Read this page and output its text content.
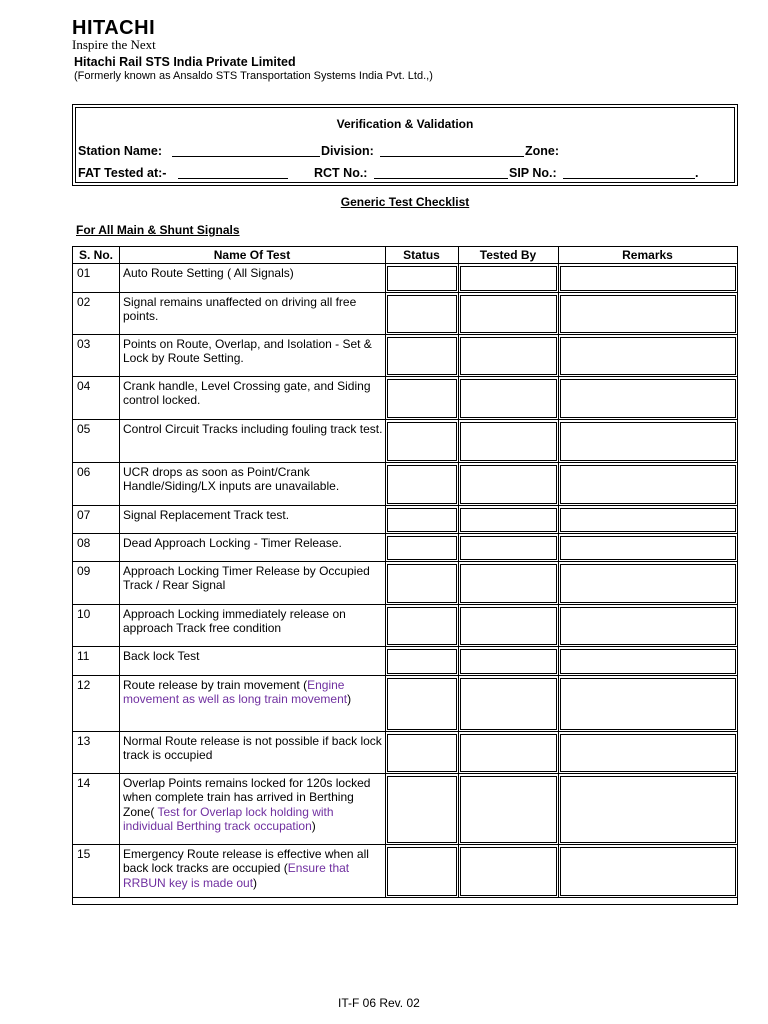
HITACHI
Inspire the Next
Hitachi Rail STS India Private Limited
(Formerly known as Ansaldo STS Transportation Systems India Pvt. Ltd.,)
Verification & Validation
Station Name:	Division:	Zone:
FAT Tested at:-	RCT No.:	SIP No.:	.
Generic Test Checklist
For All Main & Shunt Signals
S. No.	Name Of Test	Status	Tested By	Remarks
01	Auto Route Setting ( All Signals)
02	Signal remains unaffected on driving all free points.
03	Points on Route, Overlap, and Isolation - Set & Lock by Route Setting.
04	Crank handle, Level Crossing gate, and Siding control locked.
05	Control Circuit Tracks including fouling track test.
06	UCR drops as soon as Point/Crank Handle/Siding/LX inputs are unavailable.
07	Signal Replacement Track test.
08	Dead Approach Locking - Timer Release.
09	Approach Locking Timer Release by Occupied Track / Rear Signal
10	Approach Locking immediately release on approach Track free condition
11	Back lock Test
12	Route release by train movement (Engine movement as well as long train movement)
13	Normal Route release is not possible if back lock track is occupied
14	Overlap Points remains locked for 120s locked when complete train has arrived in Berthing Zone( Test for Overlap lock holding with individual Berthing track occupation)
15	Emergency Route release is effective when all back lock tracks are occupied (Ensure that RRBUN key is made out)
IT-F 06 Rev. 02
